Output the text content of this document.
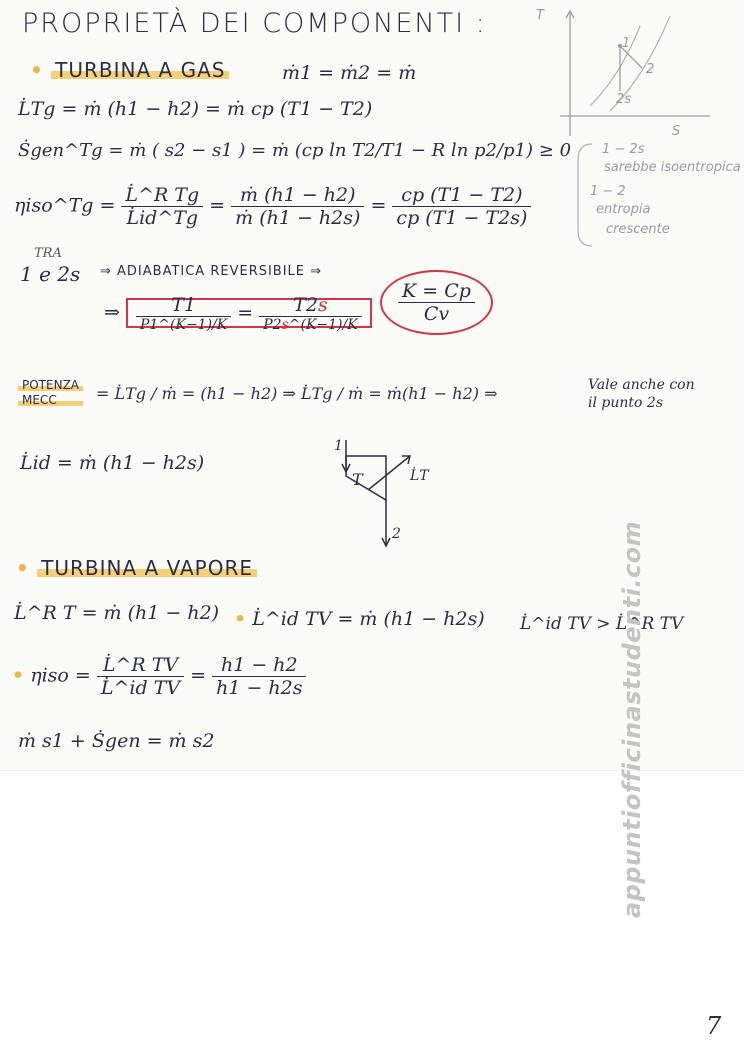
PROPRIETÀ DEI COMPONENTI :	T
S
1
2
2s
1 − 2s
sarebbe isoentropica
1 − 2
entropia
crescente
• TURBINA A GAS	ṁ1 = ṁ2 = ṁ
L̇Tg = ṁ (h1 − h2) = ṁ cp (T1 − T2)
Ṡgen^Tg = ṁ ( s2 − s1 ) = ṁ (cp ln T2/T1 − R ln p2/p1) ≥ 0
ηiso^Tg = $\frac{\text{L̇\textasciicircum{}R Tg}}{L̇id\^{}Tg} = \frac{\text{ṁ (h1 − h2)}}{\text{ṁ (h1 − h2s)}} = \frac{cp (T1 - T2)}{cp (T1 - T2s)}$
TRA
1 e 2s ⇒ ADIABATICA REVERSIBILE ⇒
$\frac{K = Cp}{Cv}$
⇒ $\frac{T1}{P1\^{}(K-1)/K} = \frac{T2s}{P2s\^{}(K-1)/K}$
POTENZA
MECC	= L̇Tg / ṁ = (h1 − h2) ⇒ L̇Tg / ṁ = ṁ(h1 − h2) ⇒	Vale anche con
il punto 2s
L̇id = ṁ (h1 − h2s)
1
2
T	L̇T
• TURBINA A VAPORE
L̇^R T = ṁ (h1 − h2) • L̇^id TV = ṁ (h1 − h2s) L̇^id TV > L̇^R TV
• $\eta iso = \frac{\text{L̇\textasciicircum{}R TV}}{\text{L̇\textasciicircum{}id TV}} = \frac{h1 - h2}{h1 - h2s}$
ṁ s1 + Ṡgen = ṁ s2	appuntiofficinastudenti.com
7
